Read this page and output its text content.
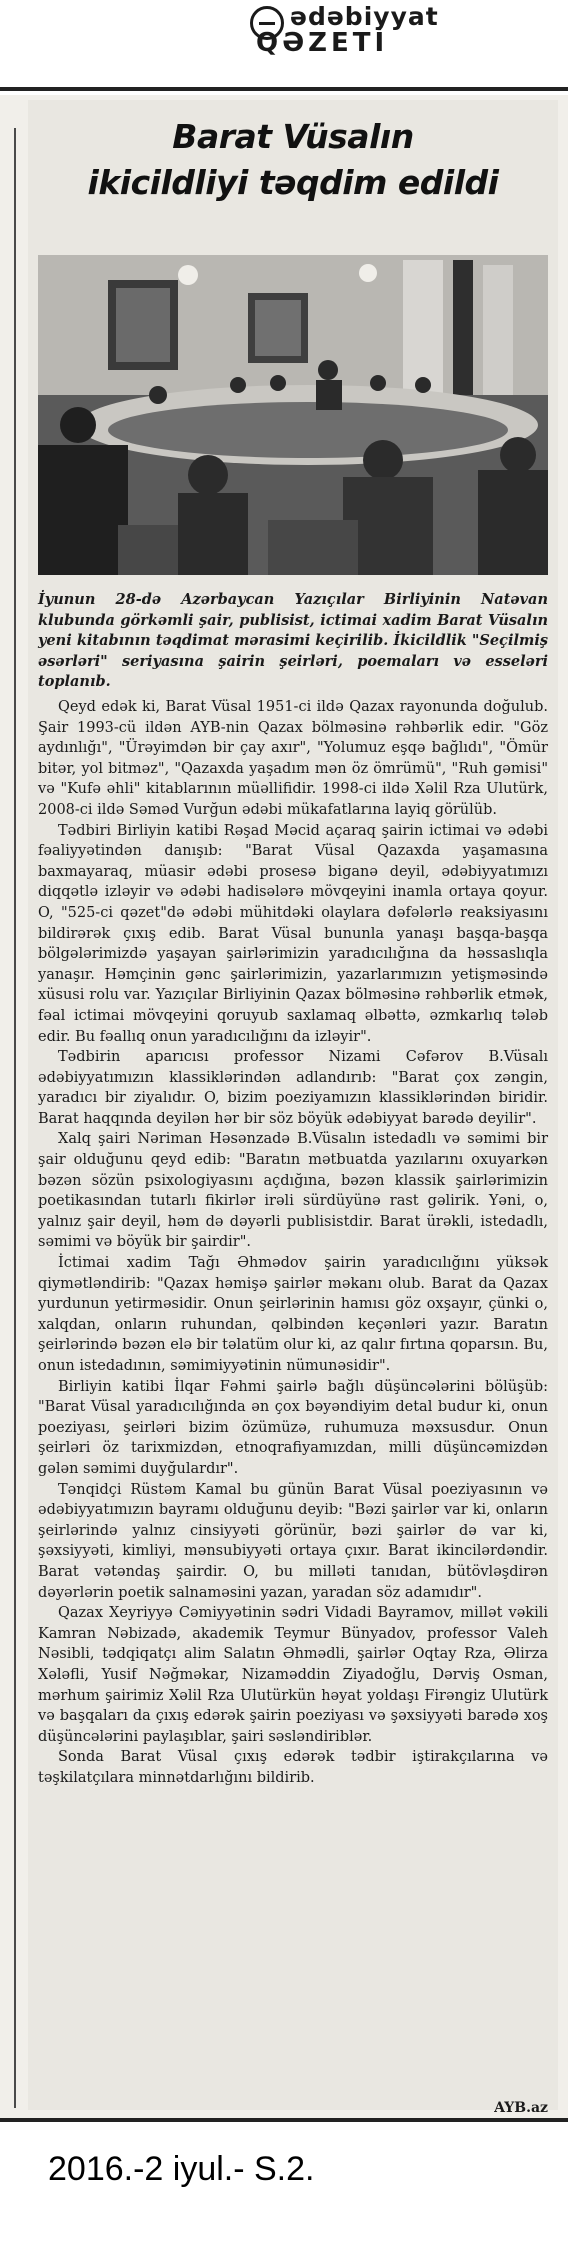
ədəbiyyat
QƏZETİ
Barat Vüsalın
ikicildliyi təqdim edildi

İyunun 28-də Azərbaycan Yazıçılar Birliyinin Natəvan klubunda görkəmli şair, publisist, ictimai xadim Barat Vüsalın yeni kitabının təqdimat mərasimi keçirilib. İkicildlik "Seçilmiş əsərləri" seriyasına şairin şeirləri, poemaları və esseləri toplanıb.

Qeyd edək ki, Barat Vüsal 1951-ci ildə Qazax rayonunda doğulub. Şair 1993-cü ildən AYB-nin Qazax bölməsinə rəhbərlik edir. "Göz aydınlığı", "Ürəyimdən bir çay axır", "Yolumuz eşqə bağlıdı", "Ömür bitər, yol bitməz", "Qazaxda yaşadım mən öz ömrümü", "Ruh gəmisi" və "Kufə əhli" kitablarının müəllifidir. 1998-ci ildə Xəlil Rza Ulutürk, 2008-ci ildə Səməd Vurğun ədəbi mükafatlarına layiq görülüb.

Tədbiri Birliyin katibi Rəşad Məcid açaraq şairin ictimai və ədəbi fəaliyyətindən danışıb: "Barat Vüsal Qazaxda yaşamasına baxmayaraq, müasir ədəbi prosesə biganə deyil, ədəbiyyatımızı diqqətlə izləyir və ədəbi hadisələrə mövqeyini inamla ortaya qoyur. O, "525-ci qəzet"də ədəbi mühitdəki olaylara dəfələrlə reaksiyasını bildirərək çıxış edib. Barat Vüsal bununla yanaşı başqa-başqa bölgələrimizdə yaşayan şairlərimizin yaradıcılığına da həssaslıqla yanaşır. Həmçinin gənc şairlərimizin, yazarlarımızın yetişməsində xüsusi rolu var. Yazıçılar Birliyinin Qazax bölməsinə rəhbərlik etmək, fəal ictimai mövqeyini qoruyub saxlamaq əlbəttə, əzmkarlıq tələb edir. Bu fəallıq onun yaradıcılığını da izləyir".

Tədbirin aparıcısı professor Nizami Cəfərov B.Vüsalı ədəbiyyatımızın klassiklərindən adlandırıb: "Barat çox zəngin, yaradıcı bir ziyalıdır. O, bizim poeziyamızın klassiklərindən biridir. Barat haqqında deyilən hər bir söz böyük ədəbiyyat barədə deyilir".

Xalq şairi Nəriman Həsənzadə B.Vüsalın istedadlı və səmimi bir şair olduğunu qeyd edib: "Baratın mətbuatda yazılarını oxuyarkən bəzən sözün psixologiyasını açdığına, bəzən klassik şairlərimizin poetikasından tutarlı fikirlər irəli sürdüyünə rast gəlirik. Yəni, o, yalnız şair deyil, həm də dəyərli publisistdir. Barat ürəkli, istedadlı, səmimi və böyük bir şairdir".

İctimai xadim Tağı Əhmədov şairin yaradıcılığını yüksək qiymətləndirib: "Qazax həmişə şairlər məkanı olub. Barat da Qazax yurdunun yetirməsidir. Onun şeirlərinin hamısı göz oxşayır, çünki o, xalqdan, onların ruhundan, qəlbindən keçənləri yazır. Baratın şeirlərində bəzən elə bir təlatüm olur ki, az qalır fırtına qoparsın. Bu, onun istedadının, səmimiyyətinin nümunəsidir".

Birliyin katibi İlqar Fəhmi şairlə bağlı düşüncələrini bölüşüb: "Barat Vüsal yaradıcılığında ən çox bəyəndiyim detal budur ki, onun poeziyası, şeirləri bizim özümüzə, ruhumuza məxsusdur. Onun şeirləri öz tarixmizdən, etnoqrafiyamızdan, milli düşüncəmizdən gələn səmimi duyğulardır".

Tənqidçi Rüstəm Kamal bu günün Barat Vüsal poeziyasının və ədəbiyyatımızın bayramı olduğunu deyib: "Bəzi şairlər var ki, onların şeirlərində yalnız cinsiyyəti görünür, bəzi şairlər də var ki, şəxsiyyəti, kimliyi, mənsubiyyəti ortaya çıxır. Barat ikincilərdəndir. Barat vətəndaş şairdir. O, bu milləti tanıdan, bütövləşdirən dəyərlərin poetik salnaməsini yazan, yaradan söz adamıdır".

Qazax Xeyriyyə Cəmiyyətinin sədri Vidadi Bayramov, millət vəkili Kamran Nəbizadə, akademik Teymur Bünyadov, professor Valeh Nəsibli, tədqiqatçı alim Salatın Əhmədli, şairlər Oqtay Rza, Əlirza Xələfli, Yusif Nəğməkar, Nizaməddin Ziyadoğlu, Dərviş Osman, mərhum şairimiz Xəlil Rza Ulutürkün həyat yoldaşı Firəngiz Ulutürk və başqaları da çıxış edərək şairin poeziyası və şəxsiyyəti barədə xoş düşüncələrini paylaşıblar, şairi səsləndiriblər.

Sonda Barat Vüsal çıxış edərək tədbir iştirakçılarına və təşkilatçılara minnətdarlığını bildirib.

AYB.az
2016.-2 iyul.- S.2.
